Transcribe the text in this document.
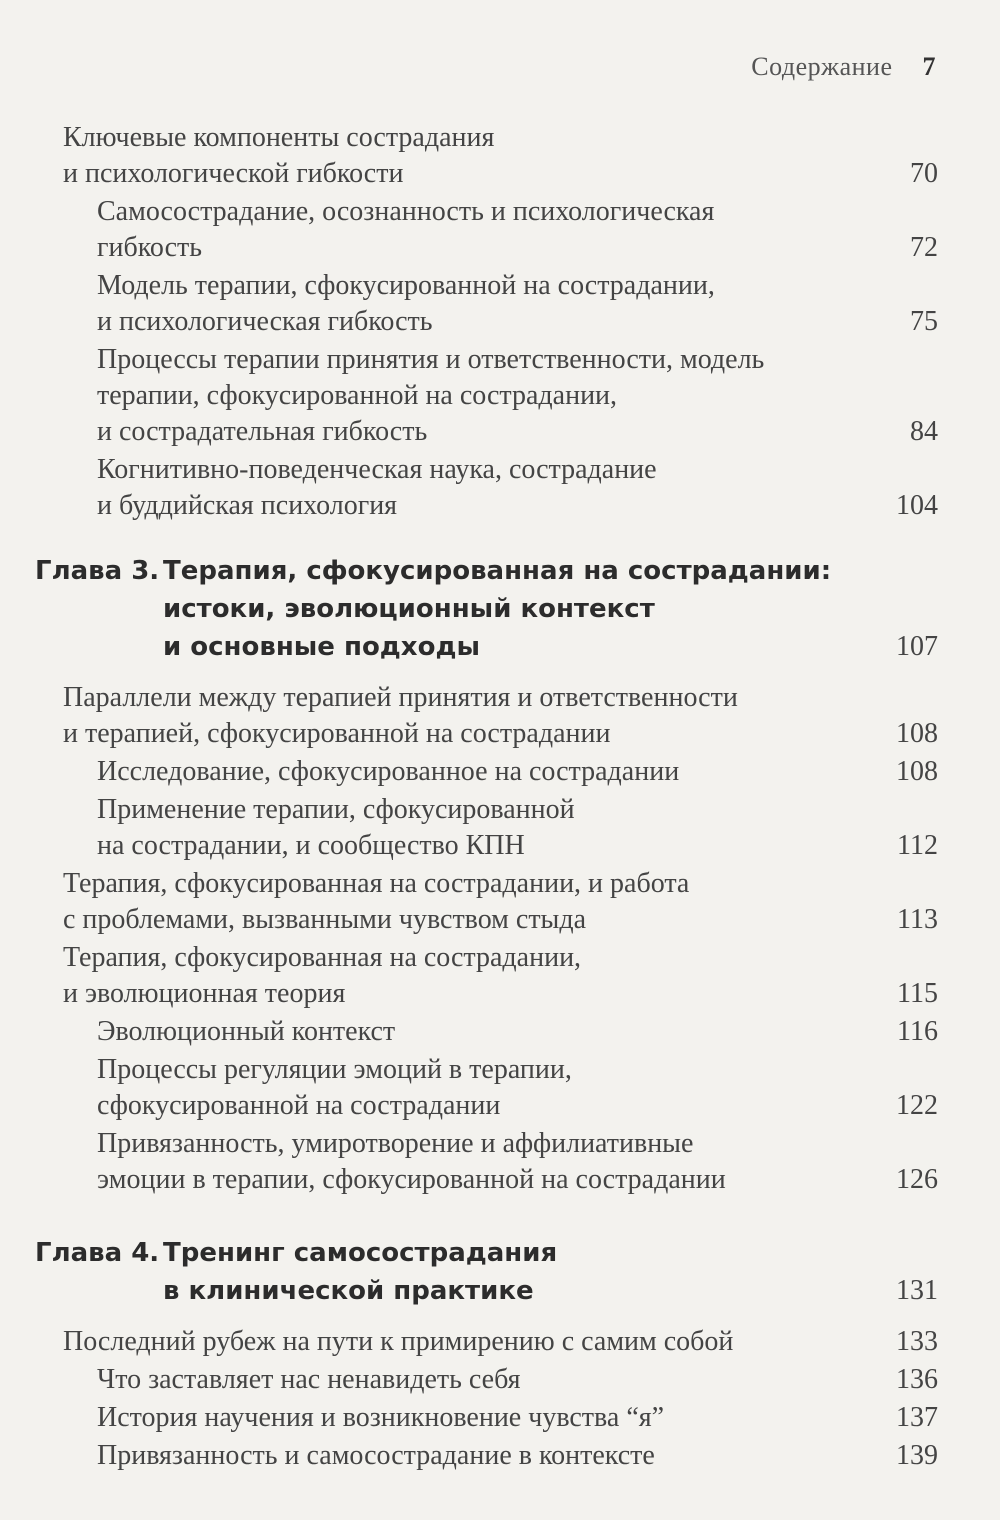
Содержание 7
Ключевые компоненты сострадания
и психологической гибкости	70
Самосострадание, осознанность и психологическая
гибкость	72
Модель терапии, сфокусированной на сострадании,
и психологическая гибкость	75
Процессы терапии принятия и ответственности, модель
терапии, сфокусированной на сострадании,
и сострадательная гибкость	84
Когнитивно-поведенческая наука, сострадание
и буддийская психология	104
Глава 3. Терапия, сфокусированная на сострадании:
истоки, эволюционный контекст
и основные подходы	107
Параллели между терапией принятия и ответственности
и терапией, сфокусированной на сострадании	108
Исследование, сфокусированное на сострадании	108
Применение терапии, сфокусированной
на сострадании, и сообщество КПН	112
Терапия, сфокусированная на сострадании, и работа
с проблемами, вызванными чувством стыда	113
Терапия, сфокусированная на сострадании,
и эволюционная теория	115
Эволюционный контекст	116
Процессы регуляции эмоций в терапии,
сфокусированной на сострадании	122
Привязанность, умиротворение и аффилиативные
эмоции в терапии, сфокусированной на сострадании	126
Глава 4. Тренинг самосострадания
в клинической практике	131
Последний рубеж на пути к примирению с самим собой	133
Что заставляет нас ненавидеть себя	136
История научения и возникновение чувства “я”	137
Привязанность и самосострадание в контексте	139
